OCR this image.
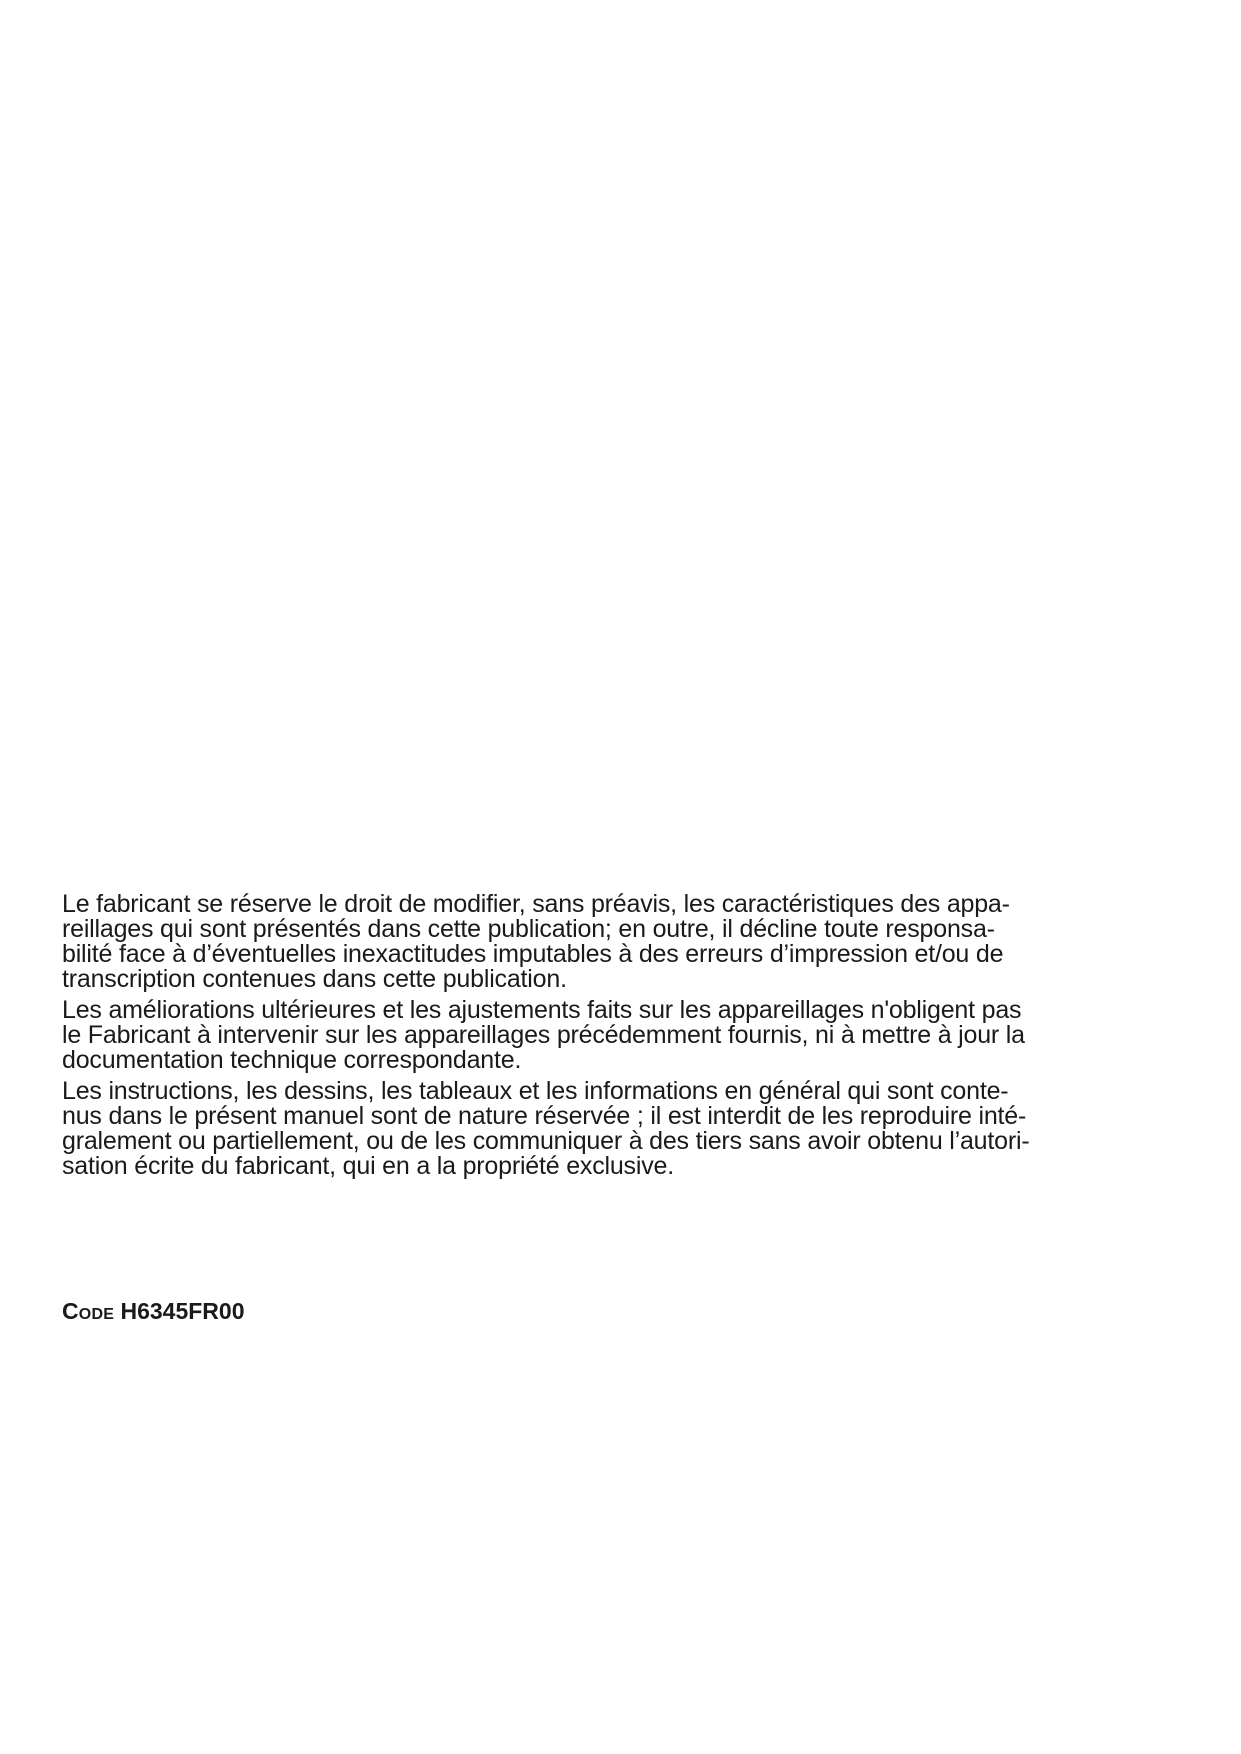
Le fabricant se réserve le droit de modifier, sans préavis, les caractéristiques des appa-
reillages qui sont présentés dans cette publication; en outre, il décline toute responsa-
bilité face à d’éventuelles inexactitudes imputables à des erreurs d’impression et/ou de
transcription contenues dans cette publication.

Les améliorations ultérieures et les ajustements faits sur les appareillages n'obligent pas
le Fabricant à intervenir sur les appareillages précédemment fournis, ni à mettre à jour la
documentation technique correspondante.

Les instructions, les dessins, les tableaux et les informations en général qui sont conte-
nus dans le présent manuel sont de nature réservée ; il est interdit de les reproduire inté-
gralement ou partiellement, ou de les communiquer à des tiers sans avoir obtenu l’autori-
sation écrite du fabricant, qui en a la propriété exclusive.

Code H6345FR00
